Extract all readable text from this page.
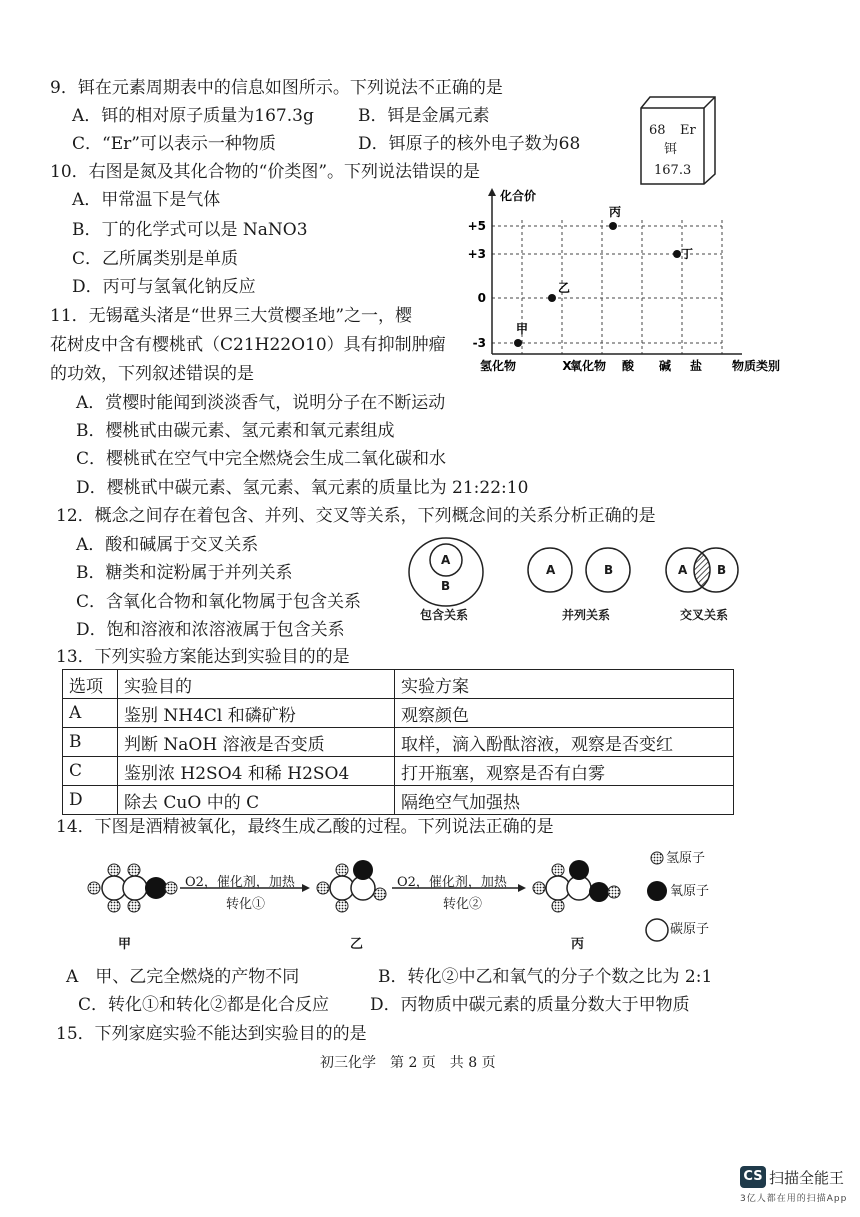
9．铒在元素周期表中的信息如图所示。下列说法不正确的是
A．铒的相对原子质量为167.3g	B．铒是金属元素
C．“Er”可以表示一种物质	D．铒原子的核外电子数为68
68 Er
铒
167.3
10．右图是氮及其化合物的“价类图”。下列说法错误的是
A．甲常温下是气体
B．丁的化学式可以是 NaNO3
C．乙所属类别是单质
D．丙可与氢氧化钠反应
+5
+3
0
-3
化合价
氢化物	X
氧化物 酸 碱 盐 物质类别
甲
乙
丙
丁
11．无锡鼋头渚是“世界三大赏樱圣地”之一，樱
花树皮中含有樱桃甙（C21H22O10）具有抑制肿瘤
的功效，下列叙述错误的是
A．赏樱时能闻到淡淡香气，说明分子在不断运动
B．樱桃甙由碳元素、氢元素和氧元素组成
C．樱桃甙在空气中完全燃烧会生成二氧化碳和水
D．樱桃甙中碳元素、氢元素、氧元素的质量比为 21:22:10
12．概念之间存在着包含、并列、交叉等关系，下列概念间的关系分析正确的是
A．酸和碱属于交叉关系
B．糖类和淀粉属于并列关系
C．含氧化合物和氧化物属于包含关系
D．饱和溶液和浓溶液属于包含关系
A
B
A	B	A B
包含关系	并列关系	交叉关系
13．下列实验方案能达到实验目的的是
选项	实验目的	实验方案
A	鉴别 NH4Cl 和磷矿粉	观察颜色
B	判断 NaOH 溶液是否变质	取样，滴入酚酞溶液，观察是否变红
C	鉴别浓 H2SO4 和稀 H2SO4	打开瓶塞，观察是否有白雾
D	除去 CuO 中的 C	隔绝空气加强热
14．下图是酒精被氧化，最终生成乙酸的过程。下列说法正确的是
O2，催化剂，加热
转化①
O2，催化剂，加热
转化②
氢原子
氧原子
碳原子
甲	乙	丙
A　甲、乙完全燃烧的产物不同	B．转化②中乙和氧气的分子个数之比为 2:1
C．转化①和转化②都是化合反应 D．丙物质中碳元素的质量分数大于甲物质
15．下列家庭实验不能达到实验目的的是
初三化学　第 2 页　共 8 页
CS 扫描全能王
3亿人都在用的扫描App
